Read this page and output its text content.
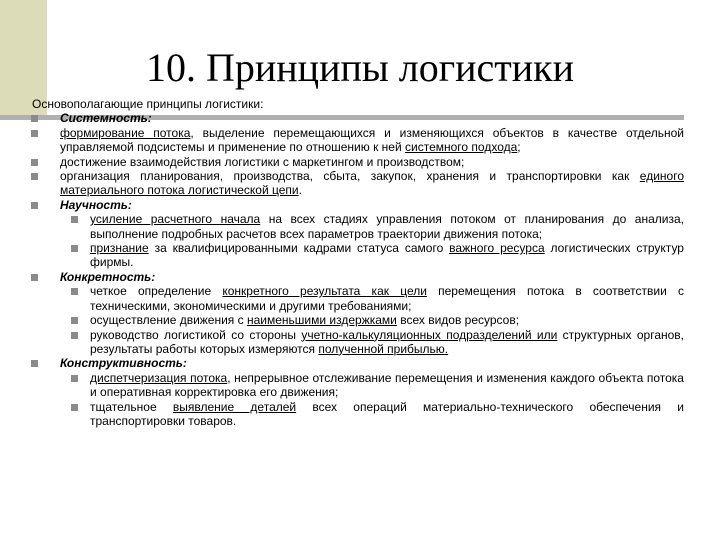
10. Принципы логистики
Основополагающие принципы логистики:
Системность:
формирование потока, выделение перемещающихся и изменяющихся объектов в качестве отдельной управляемой подсистемы и применение по отношению к ней системного подхода;
достижение взаимодействия логистики с маркетингом и производством;
организация планирования, производства, сбыта, закупок, хранения и транспортировки как единого материального потока логистической цепи.
Научность:
усиление расчетного начала на всех стадиях управления потоком от планирования до анализа, выполнение подробных расчетов всех параметров траектории движения потока;
признание за квалифицированными кадрами статуса самого важного ресурса логистических структур фирмы.
Конкретность:
четкое определение конкретного результата как цели перемещения потока в соответствии с техническими, экономическими и другими требованиями;
осуществление движения с наименьшими издержками всех видов ресурсов;
руководство логистикой со стороны учетно-калькуляционных подразделений или структурных органов, результаты работы которых измеряются полученной прибылью.
Конструктивность:
диспетчеризация потока, непрерывное отслеживание перемещения и изменения каждого объекта потока и оперативная корректировка его движения;
тщательное выявление деталей всех операций материально-технического обеспечения и транспортировки товаров.
